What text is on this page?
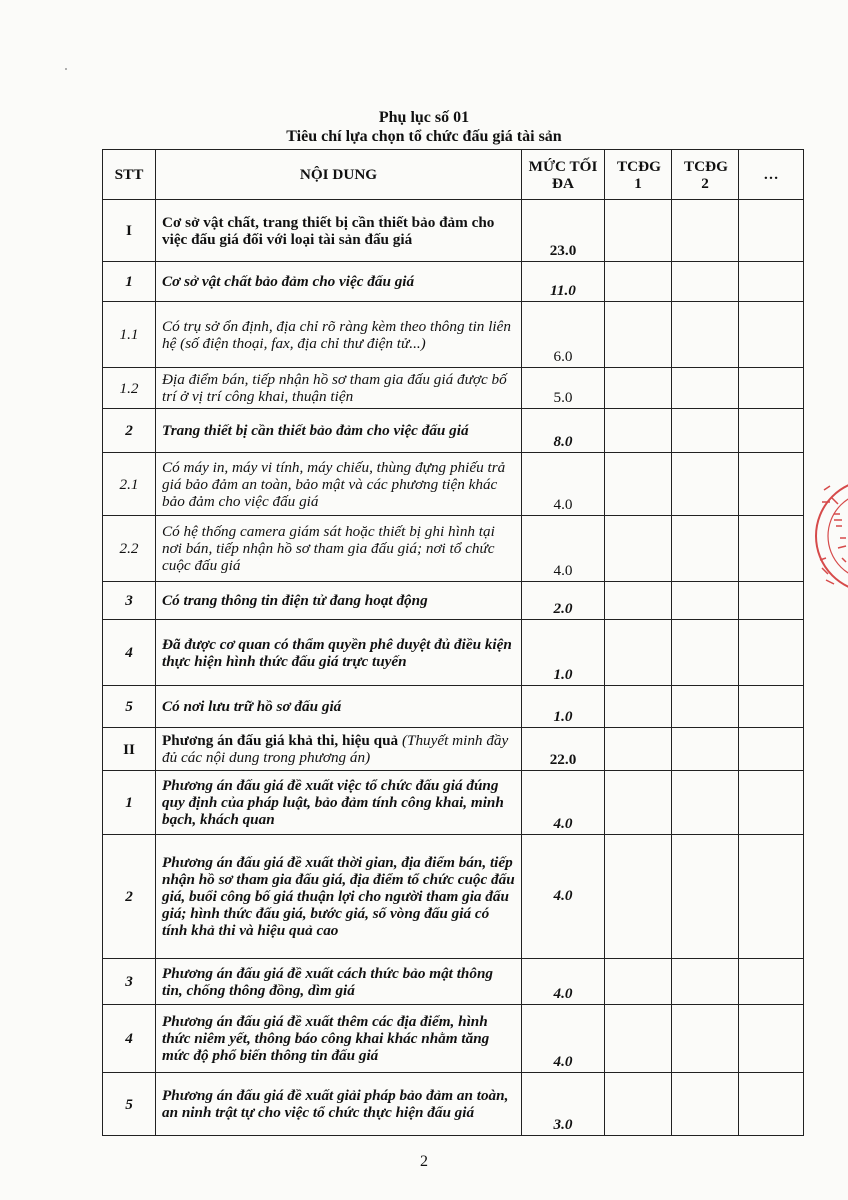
Phụ lục số 01
Tiêu chí lựa chọn tổ chức đấu giá tài sản
STT	NỘI DUNG	MỨC TỐI ĐA	TCĐG 1	TCĐG 2	…
I	Cơ sở vật chất, trang thiết bị cần thiết bảo đảm cho việc đấu giá đối với loại tài sản đấu giá	23.0			
1	Cơ sở vật chất bảo đảm cho việc đấu giá	11.0			
1.1	Có trụ sở ổn định, địa chỉ rõ ràng kèm theo thông tin liên hệ (số điện thoại, fax, địa chỉ thư điện tử...)	6.0			
1.2	Địa điểm bán, tiếp nhận hồ sơ tham gia đấu giá được bố trí ở vị trí công khai, thuận tiện	5.0			
2	Trang thiết bị cần thiết bảo đảm cho việc đấu giá	8.0			
2.1	Có máy in, máy vi tính, máy chiếu, thùng đựng phiếu trả giá bảo đảm an toàn, bảo mật và các phương tiện khác bảo đảm cho việc đấu giá	4.0			
2.2	Có hệ thống camera giám sát hoặc thiết bị ghi hình tại nơi bán, tiếp nhận hồ sơ tham gia đấu giá; nơi tổ chức cuộc đấu giá	4.0			
3	Có trang thông tin điện tử đang hoạt động	2.0			
4	Đã được cơ quan có thẩm quyền phê duyệt đủ điều kiện thực hiện hình thức đấu giá trực tuyến	1.0			
5	Có nơi lưu trữ hồ sơ đấu giá	1.0			
II	Phương án đấu giá khả thi, hiệu quả (Thuyết minh đầy đủ các nội dung trong phương án)	22.0			
1	Phương án đấu giá đề xuất việc tổ chức đấu giá đúng quy định của pháp luật, bảo đảm tính công khai, minh bạch, khách quan	4.0			
2	Phương án đấu giá đề xuất thời gian, địa điểm bán, tiếp nhận hồ sơ tham gia đấu giá, địa điểm tổ chức cuộc đấu giá, buổi công bố giá thuận lợi cho người tham gia đấu giá; hình thức đấu giá, bước giá, số vòng đấu giá có tính khả thi và hiệu quả cao	4.0			
3	Phương án đấu giá đề xuất cách thức bảo mật thông tin, chống thông đồng, dìm giá	4.0			
4	Phương án đấu giá đề xuất thêm các địa điểm, hình thức niêm yết, thông báo công khai khác nhằm tăng mức độ phổ biến thông tin đấu giá	4.0			
5	Phương án đấu giá đề xuất giải pháp bảo đảm an toàn, an ninh trật tự cho việc tổ chức thực hiện đấu giá	3.0			
2
